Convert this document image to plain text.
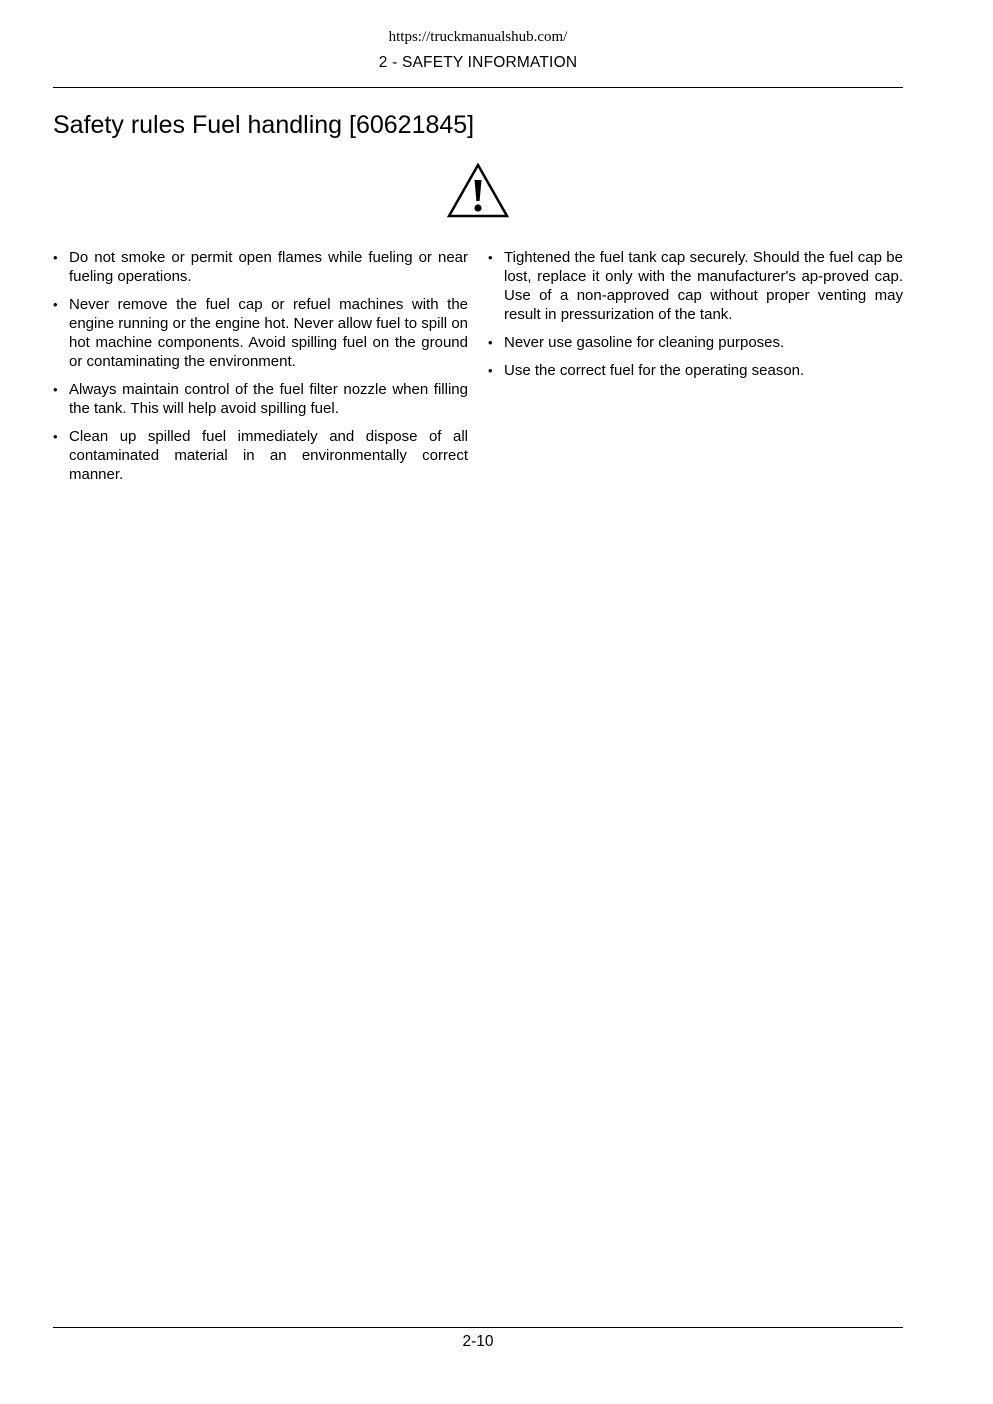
https://truckmanualshub.com/
2 - SAFETY INFORMATION
Safety rules Fuel handling [60621845]
• Do not smoke or permit open flames while fueling or near fueling operations.
• Never remove the fuel cap or refuel machines with the engine running or the engine hot. Never allow fuel to spill on hot machine components. Avoid spilling fuel on the ground or contaminating the environment.
• Always maintain control of the fuel filter nozzle when filling the tank. This will help avoid spilling fuel.
• Clean up spilled fuel immediately and dispose of all contaminated material in an environmentally correct manner.
• Tightened the fuel tank cap securely. Should the fuel cap be lost, replace it only with the manufacturer's ap-proved cap. Use of a non-approved cap without proper venting may result in pressurization of the tank.
• Never use gasoline for cleaning purposes.
• Use the correct fuel for the operating season.
2-10
